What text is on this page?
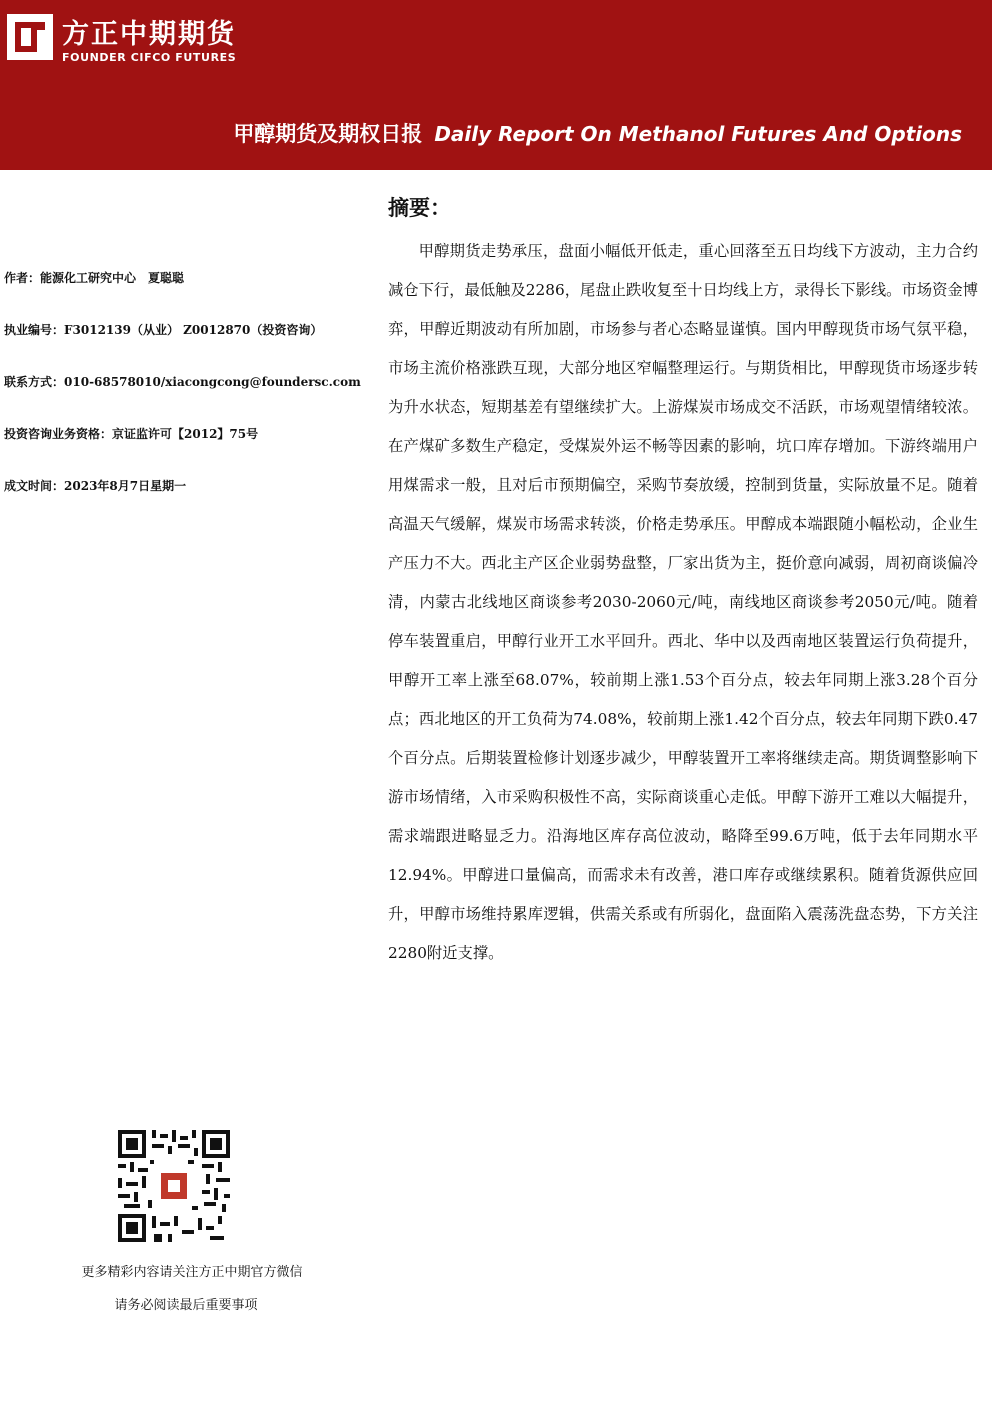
方正中期期货
FOUNDER CIFCO FUTURES
甲醇期货及期权日报 Daily Report On Methanol Futures And Options
作者：能源化工研究中心　夏聪聪
执业编号：F3012139（从业） Z0012870（投资咨询）
联系方式：010-68578010/xiacongcong@foundersc.com
投资咨询业务资格：京证监许可【2012】75号
成文时间：2023年8月7日星期一
摘要：

甲醇期货走势承压，盘面小幅低开低走，重心回落至五日均线下方波动，主力合约减仓下行，最低触及2286，尾盘止跌收复至十日均线上方，录得长下影线。市场资金博弈，甲醇近期波动有所加剧，市场参与者心态略显谨慎。国内甲醇现货市场气氛平稳，市场主流价格涨跌互现，大部分地区窄幅整理运行。与期货相比，甲醇现货市场逐步转为升水状态，短期基差有望继续扩大。上游煤炭市场成交不活跃，市场观望情绪较浓。在产煤矿多数生产稳定，受煤炭外运不畅等因素的影响，坑口库存增加。下游终端用户用煤需求一般，且对后市预期偏空，采购节奏放缓，控制到货量，实际放量不足。随着高温天气缓解，煤炭市场需求转淡，价格走势承压。甲醇成本端跟随小幅松动，企业生产压力不大。西北主产区企业弱势盘整，厂家出货为主，挺价意向减弱，周初商谈偏冷清，内蒙古北线地区商谈参考2030-2060元/吨，南线地区商谈参考2050元/吨。随着停车装置重启，甲醇行业开工水平回升。西北、华中以及西南地区装置运行负荷提升，甲醇开工率上涨至68.07%，较前期上涨1.53个百分点，较去年同期上涨3.28个百分点；西北地区的开工负荷为74.08%，较前期上涨1.42个百分点，较去年同期下跌0.47个百分点。后期装置检修计划逐步减少，甲醇装置开工率将继续走高。期货调整影响下游市场情绪，入市采购积极性不高，实际商谈重心走低。甲醇下游开工难以大幅提升，需求端跟进略显乏力。沿海地区库存高位波动，略降至99.6万吨，低于去年同期水平12.94%。甲醇进口量偏高，而需求未有改善，港口库存或继续累积。随着货源供应回升，甲醇市场维持累库逻辑，供需关系或有所弱化，盘面陷入震荡洗盘态势，下方关注2280附近支撑。

更多精彩内容请关注方正中期官方微信
请务必阅读最后重要事项
